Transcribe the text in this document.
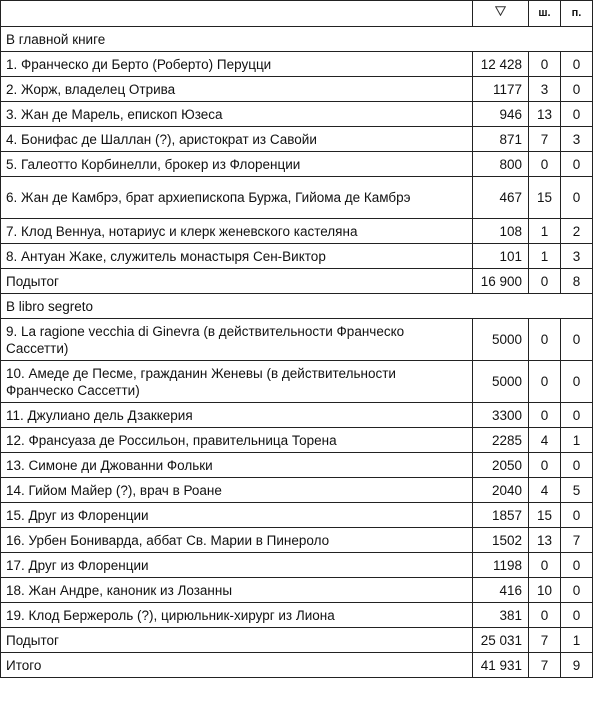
		ш.	п.
В главной книге			
1. Франческо ди Берто (Роберто) Перуцци	12 428	0	0
2. Жорж, владелец Отрива	1177	3	0
3. Жан де Марель, епископ Юзеса	946	13	0
4. Бонифас де Шаллан (?), аристократ из Савойи	871	7	3
5. Галеотто Корбинелли, брокер из Флоренции	800	0	0
6. Жан де Камбрэ, брат архиепископа Буржа, Гийома де Камбрэ	467	15	0
7. Клод Веннуа, нотариус и клерк женевского кастеляна	108	1	2
8. Антуан Жаке, служитель монастыря Сен-Виктор	101	1	3
Подытог	16 900	0	8
В libro segreto			
9. La ragione vecchia di Ginevra (в действительности Франческо Сассетти)	5000	0	0
10. Амеде де Песме, гражданин Женевы (в действительности Франческо Сассетти)	5000	0	0
11. Джулиано дель Дзаккерия	3300	0	0
12. Франсуаза де Россильон, правительница Торена	2285	4	1
13. Симоне ди Джованни Фольки	2050	0	0
14. Гийом Майер (?), врач в Роане	2040	4	5
15. Друг из Флоренции	1857	15	0
16. Урбен Бониварда, аббат Св. Марии в Пинероло	1502	13	7
17. Друг из Флоренции	1198	0	0
18. Жан Андре, каноник из Лозанны	416	10	0
19. Клод Бержероль (?), цирюльник-хирург из Лиона	381	0	0
Подытог	25 031	7	1
Итого	41 931	7	9
